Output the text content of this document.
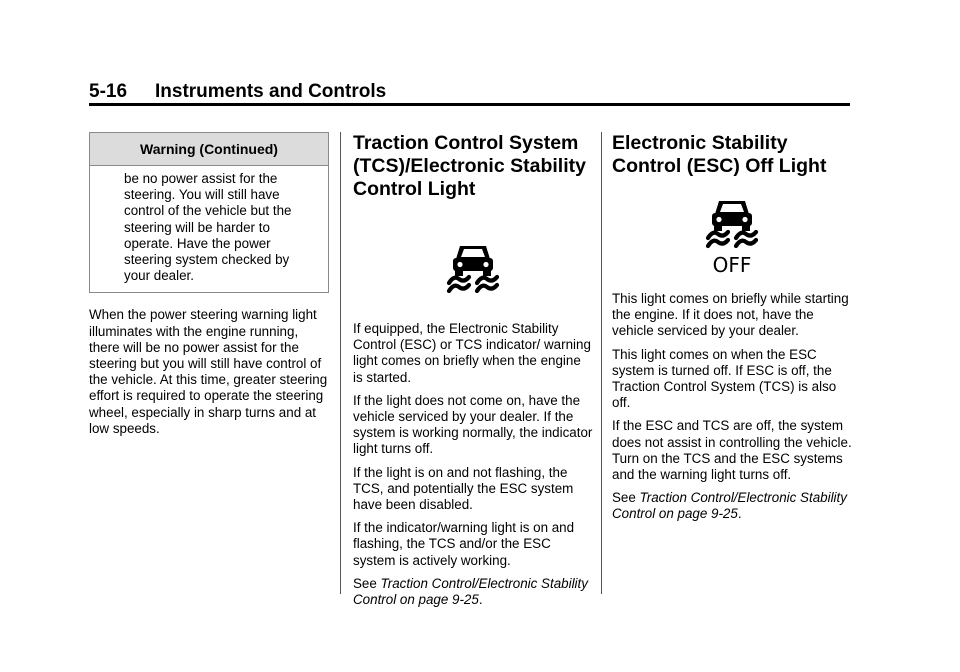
5-16 Instruments and Controls
Warning (Continued)
be no power assist for the steering. You will still have control of the vehicle but the steering will be harder to operate. Have the power steering system checked by your dealer.

When the power steering warning light illuminates with the engine running, there will be no power assist for the steering but you will still have control of the vehicle. At this time, greater steering effort is required to operate the steering wheel, especially in sharp turns and at low speeds.

Traction Control System (TCS)/Electronic Stability Control Light

If equipped, the Electronic Stability Control (ESC) or TCS indicator/ warning light comes on briefly when the engine is started.

If the light does not come on, have the vehicle serviced by your dealer. If the system is working normally, the indicator light turns off.

If the light is on and not flashing, the TCS, and potentially the ESC system have been disabled.

If the indicator/warning light is on and flashing, the TCS and/or the ESC system is actively working.

See Traction Control/Electronic Stability Control on page 9-25.

Electronic Stability Control (ESC) Off Light
OFF

This light comes on briefly while starting the engine. If it does not, have the vehicle serviced by your dealer.

This light comes on when the ESC system is turned off. If ESC is off, the Traction Control System (TCS) is also off.

If the ESC and TCS are off, the system does not assist in controlling the vehicle. Turn on the TCS and the ESC systems and the warning light turns off.

See Traction Control/Electronic Stability Control on page 9-25.
